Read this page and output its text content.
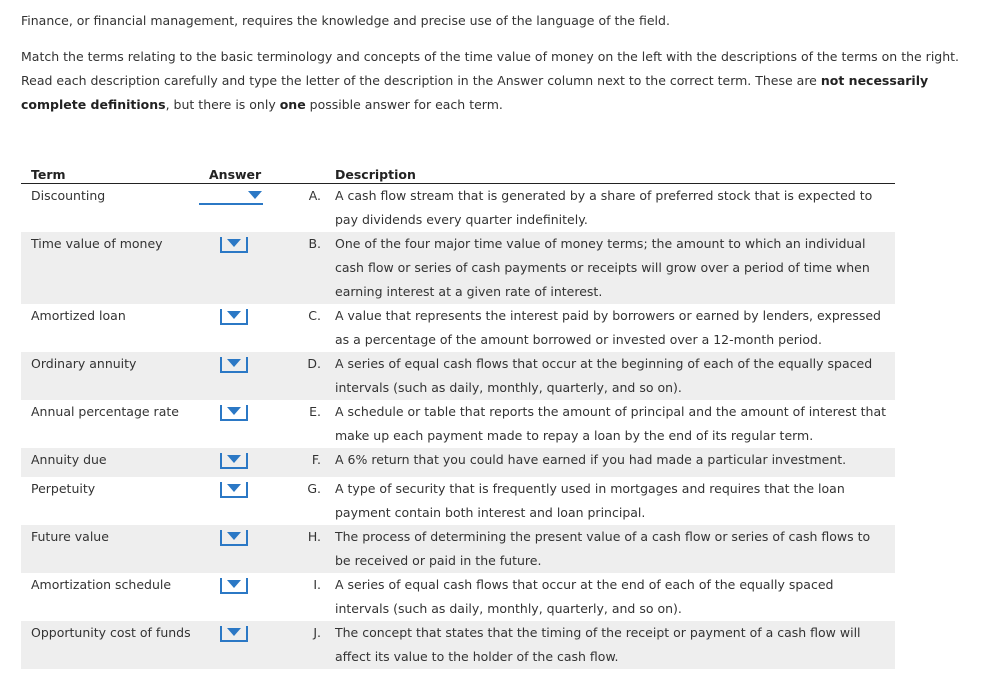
Finance, or financial management, requires the knowledge and precise use of the language of the field.

Match the terms relating to the basic terminology and concepts of the time value of money on the left with the descriptions of the terms on the right. Read each description carefully and type the letter of the description in the Answer column next to the correct term. These are not necessarily complete definitions, but there is only one possible answer for each term.

Term	Answer		Description
Discounting		A.	A cash flow stream that is generated by a share of preferred stock that is expected to pay dividends every quarter indefinitely.
Time value of money		B.	One of the four major time value of money terms; the amount to which an individual cash flow or series of cash payments or receipts will grow over a period of time when earning interest at a given rate of interest.
Amortized loan		C.	A value that represents the interest paid by borrowers or earned by lenders, expressed as a percentage of the amount borrowed or invested over a 12-month period.
Ordinary annuity		D.	A series of equal cash flows that occur at the beginning of each of the equally spaced intervals (such as daily, monthly, quarterly, and so on).
Annual percentage rate		E.	A schedule or table that reports the amount of principal and the amount of interest that make up each payment made to repay a loan by the end of its regular term.
Annuity due		F.	A 6% return that you could have earned if you had made a particular investment.
Perpetuity		G.	A type of security that is frequently used in mortgages and requires that the loan payment contain both interest and loan principal.
Future value		H.	The process of determining the present value of a cash flow or series of cash flows to be received or paid in the future.
Amortization schedule		I.	A series of equal cash flows that occur at the end of each of the equally spaced intervals (such as daily, monthly, quarterly, and so on).
Opportunity cost of funds		J.	The concept that states that the timing of the receipt or payment of a cash flow will affect its value to the holder of the cash flow.
